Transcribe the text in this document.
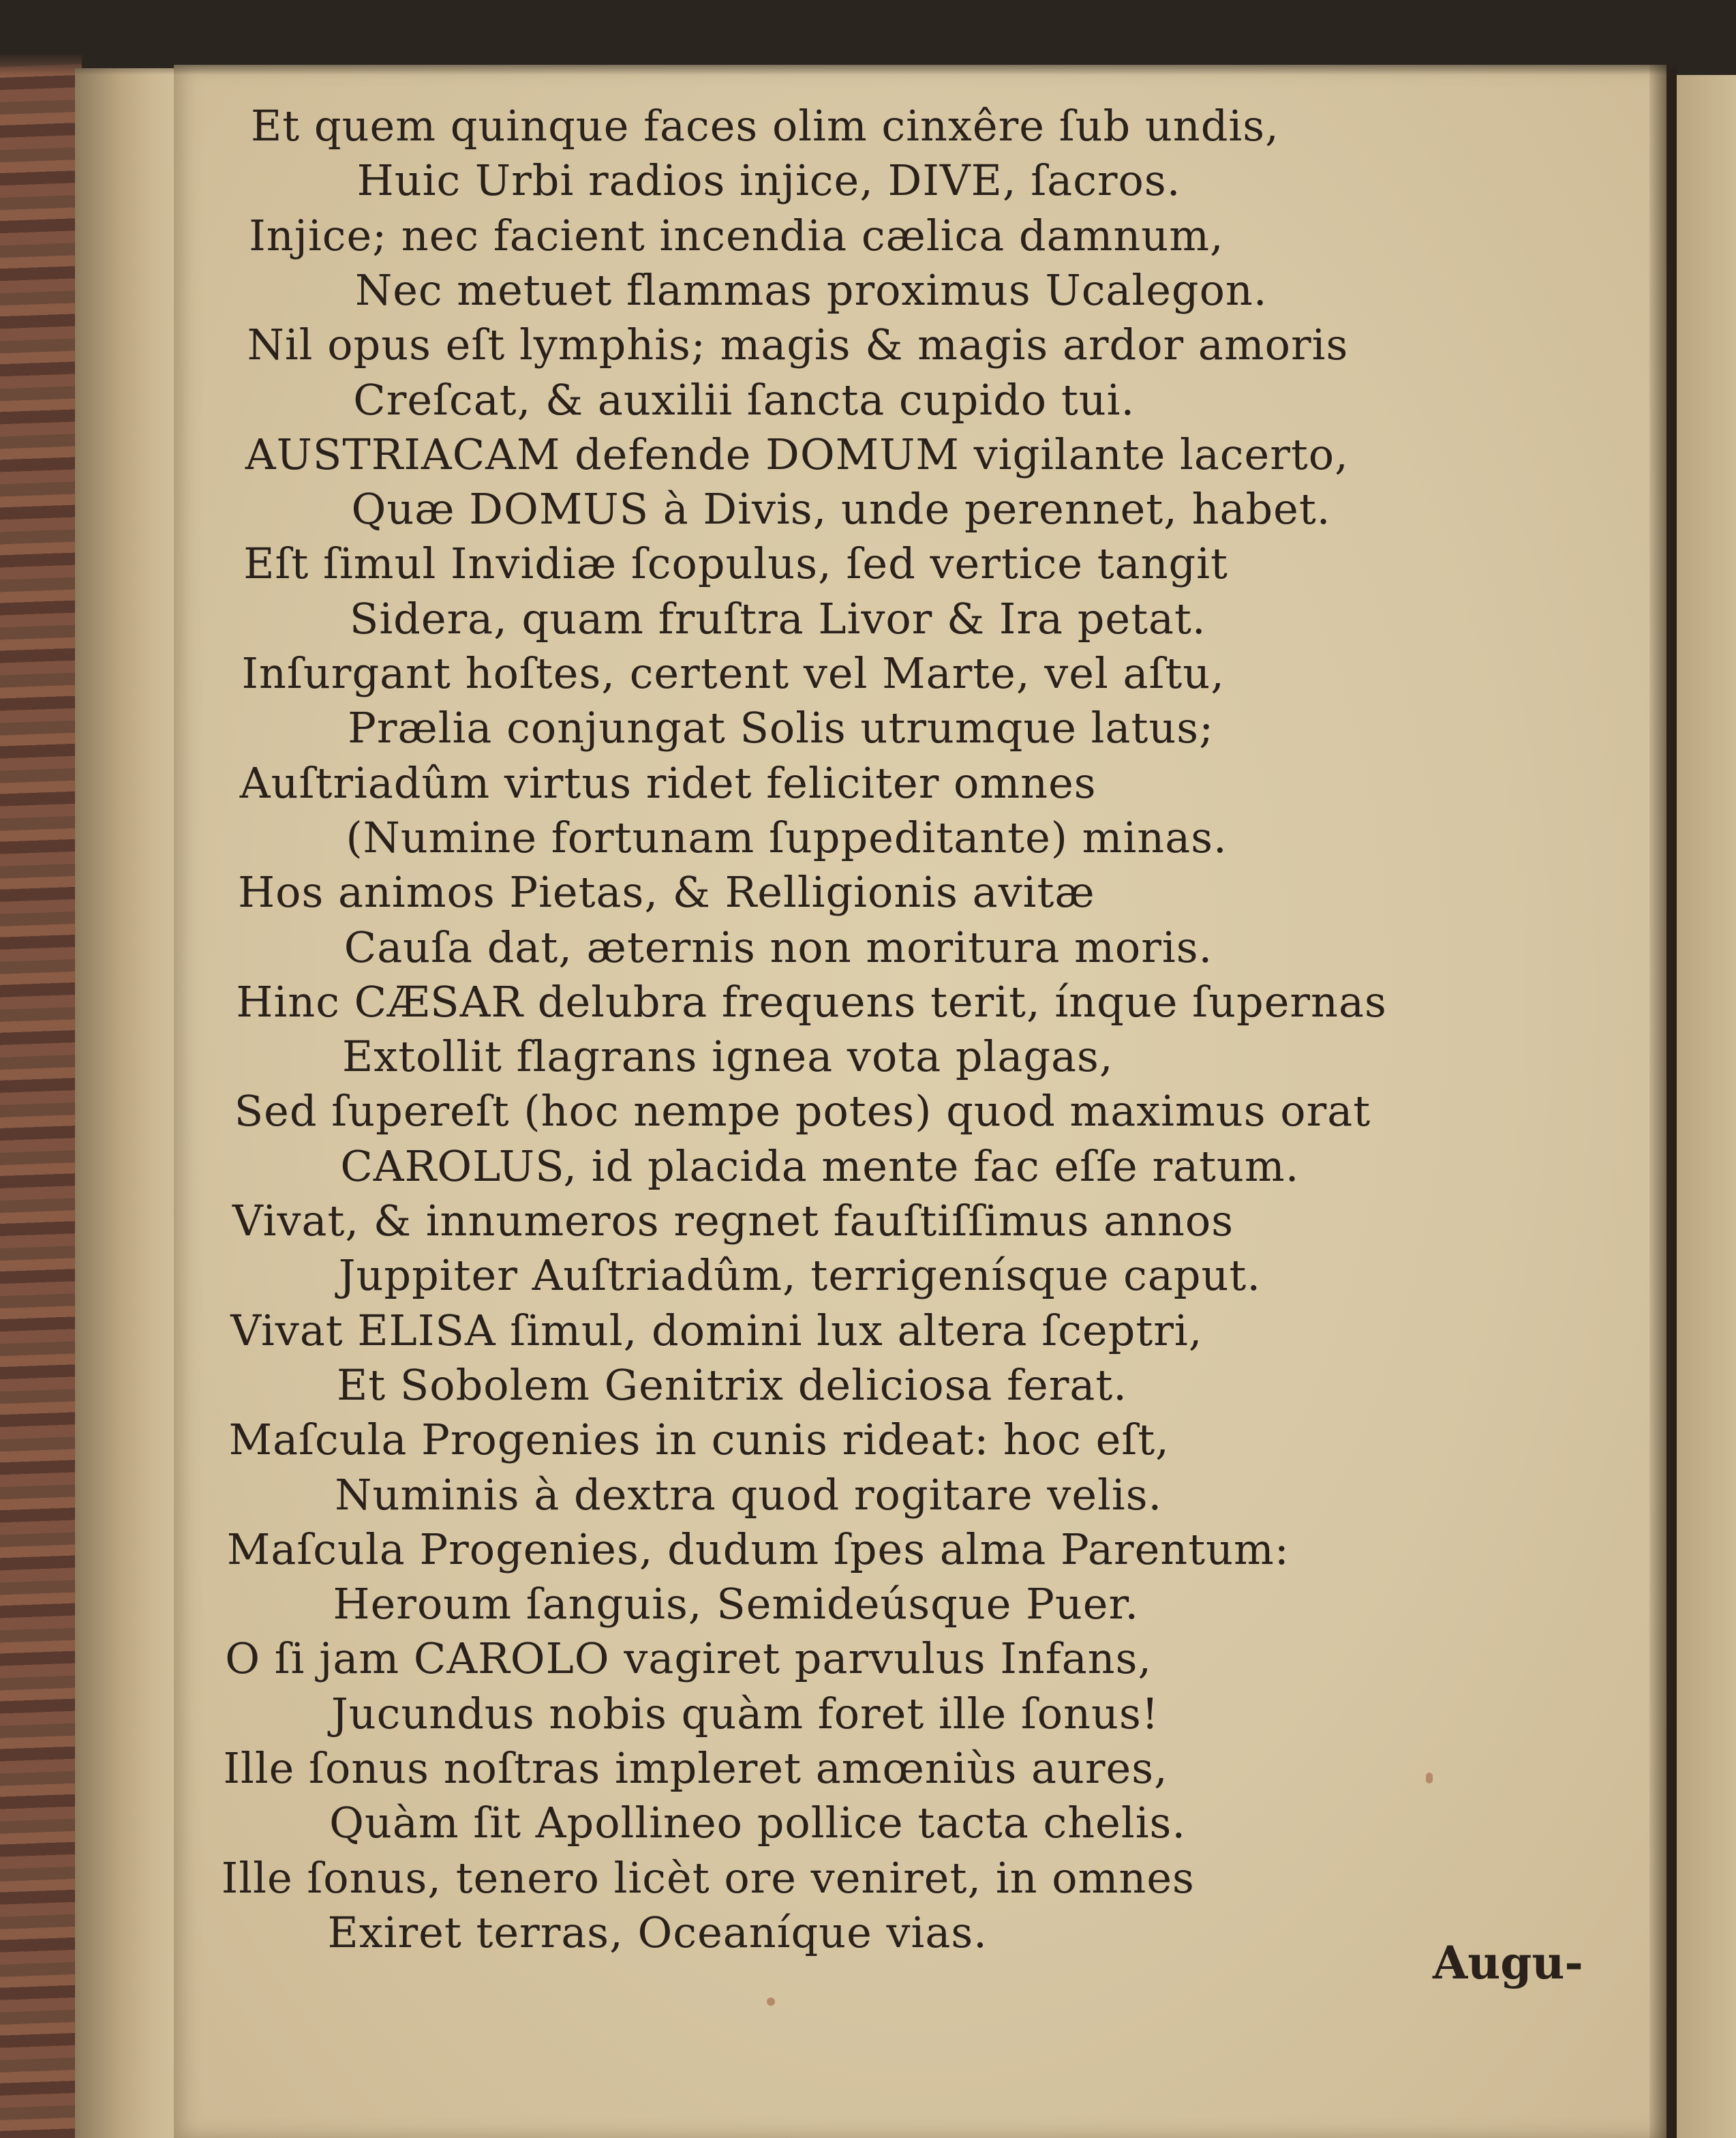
Et quem quinque faces olim cinxêre ſub undis,
Huic Urbi radios injice, DIVE, ſacros.
Injice; nec facient incendia cælica damnum,
Nec metuet flammas proximus Ucalegon.
Nil opus eſt lymphis; magis & magis ardor amoris
Creſcat, & auxilii ſancta cupido tui.
AUSTRIACAM defende DOMUM vigilante lacerto,
Quæ DOMUS à Divis, unde perennet, habet.
Eſt ſimul Invidiæ ſcopulus, ſed vertice tangit
Sidera, quam fruſtra Livor & Ira petat.
Inſurgant hoſtes, certent vel Marte, vel aſtu,
Prælia conjungat Solis utrumque latus;
Auſtriadûm virtus ridet feliciter omnes
(Numine fortunam ſuppeditante) minas.
Hos animos Pietas, & Relligionis avitæ
Cauſa dat, æternis non moritura moris.
Hinc CÆSAR delubra frequens terit, ínque ſupernas
Extollit flagrans ignea vota plagas,
Sed ſupereſt (hoc nempe potes) quod maximus orat
CAROLUS, id placida mente fac eſſe ratum.
Vivat, & innumeros regnet fauſtiſſimus annos
Juppiter Auſtriadûm, terrigenísque caput.
Vivat ELISA ſimul, domini lux altera ſceptri,
Et Sobolem Genitrix deliciosa ferat.
Maſcula Progenies in cunis rideat: hoc eſt,
Numinis à dextra quod rogitare velis.
Maſcula Progenies, dudum ſpes alma Parentum:
Heroum ſanguis, Semideúsque Puer.
O ſi jam CAROLO vagiret parvulus Infans,
Jucundus nobis quàm foret ille ſonus!
Ille ſonus noſtras impleret amœniùs aures,
Quàm ſit Apollineo pollice tacta chelis.
Ille ſonus, tenero licèt ore veniret, in omnes
Exiret terras, Oceaníque vias.
Augu-
